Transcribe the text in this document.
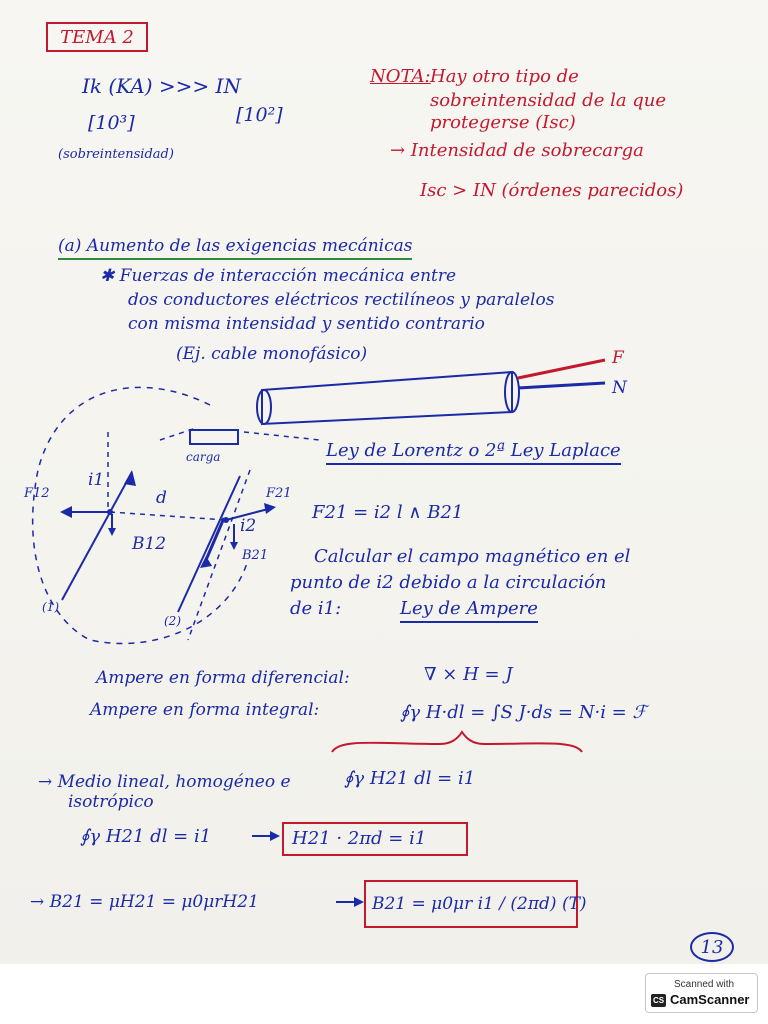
TEMA 2
Ik (KA) >>> IN
[10³]	[10²]
(sobreintensidad)
NOTA: Hay otro tipo de
sobreintensidad de la que
protegerse (Isc)
→ Intensidad de sobrecarga
Isc > IN (órdenes parecidos)
(a) Aumento de las exigencias mecánicas
✱ Fuerzas de interacción mecánica entre
dos conductores eléctricos rectilíneos y paralelos
con misma intensidad y sentido contrario
(Ej. cable monofásico)	F
N
i1
i2
d
F12	F21
B12
B21
(1)
(2)
carga	Ley de Lorentz o 2ª Ley Laplace
F21 = i2 l ∧ B21
Calcular el campo magnético en el
punto de i2 debido a la circulación
de i1:	Ley de Ampere
Ampere en forma diferencial:	∇ × H = J
Ampere en forma integral:	∮γ H·dl = ∫S J·ds = N·i = ℱ
→ Medio lineal, homogéneo e
isotrópico
∮γ H21 dl = i1
∮γ H21 dl = i1	H21 · 2πd = i1
→ B21 = μH21 = μ0μrH21	B21 = μ0μr i1 / (2πd) (T)
13
Scanned with
CS CamScanner
